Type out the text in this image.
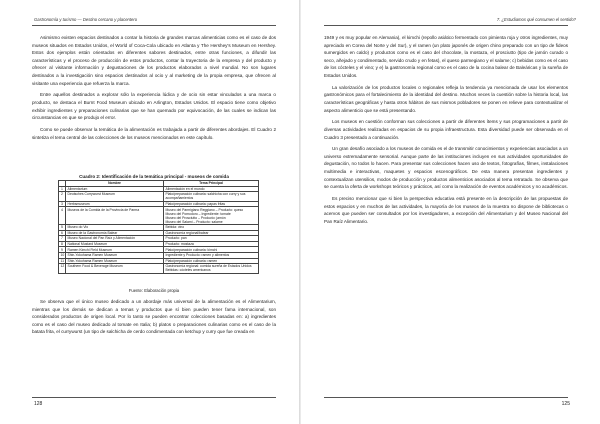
Gastronomía y turismo — Destino cercano y placentero

Asimismo existen espacios destinados a contar la historia de grandes marcas alimenticias como es el caso de dos museos situados en Estados Unidos, el World of Coca-Cola ubicado en Atlanta y The Hershey's Museum en Hershey. Estos dos ejemplos están orientados en diferentes sabores destinados, entre otras funciones, a difundir las características y el proceso de producción de estos productos, contar la trayectoria de la empresa y del producto y ofrecer al visitante información y degustaciones de los productos elaborados a nivel mundial. No son lugares destinados a la investigación sino espacios destinados al ocio y al marketing de la propia empresa, que ofrecen al visitante una experiencia que refuerza la marca.

Entre aquellos destinados a explorar sólo la experiencia lúdica y de ocio sin estar vinculados a una marca o producto, se destaca el Burnt Food Museum ubicado en Arlington, Estados Unidos. El espacio tiene como objetivo exhibir ingredientes y preparaciones culinarias que se han quemado por equivocación, de las cuales se indican las circunstancias en que se produjo el error.

Como se puede observar la temática de la alimentación es trabajada a partir de diferentes abordajes. El Cuadro 2 sintetiza el tema central de las colecciones de los museos mencionados en este capítulo.

Cuadro 2: Identificación de la temática principal - museos de comida
	Nombre	Tema Principal
1	Alimentarium	Alimentación en el mundo
2	Deutsches Currywurst Museum	Plato/preparación culinaria: salchicha con curry y sus acompañamientos
3	Herbsmuseum	Plato/preparación culinaria: papas fritas
4	Museos de la Comida de la Provincia de Parma	Museo del Parmigiano Reggiano – Producto: queso
Museo del Pomodoro – Ingrediente: tomate
Museo del Prosciutto – Producto: jamón
Museo del Salami – Producto: salame
5	Museo do Vio	Bebida: vino
6	Museo de la Gastronomía Balear	Gastronomía regional/balear
7	Museo Nacional del Pan Raíz y Alimentación	Producto: pan
8	National Mustard Museum	Producto: mostaza
9	Ramen Kimchi Field Museum	Plato/preparación culinaria: kimchi
10	Shin-Yokohama Ramen Museum	Ingrediente y Producto: ramen y alimentos
11	Shin-Yokohama Ramen Museum	Plato/preparación culinaria: ramen
12	Southern Food & Beverage Museum	Gastronomía regional: comida sureña de Estados Unidos
Bebidas: cócteles americanos
Fuente: Elaboración propia

Se observa que el único museo dedicado a un abordaje más universal de la alimentación es el Alimentarium, mientras que los demás se dedican a temas y productos que sí bien pueden tener fama internacional, son considerados productos de origen local. Por lo tanto se pueden encontrar colecciones basadas en: a) ingredientes como es el caso del museo dedicado al tomate en Italia; b) platos o preparaciones culinarias como es el caso de la batata frita, el currywurst (un tipo de salchicha de cerdo condimentada con ketchup y curry que fue creada en

128
7. ¿Estudiamos qué consumen el sentido?

1949 y es muy popular en Alemania), el kimchi (repollo asiático fermentado con pimienta roja y otros ingredientes, muy apreciado en Corea del Norte y del Sur), y el ramen (un plato japonés de origen chino preparado con un tipo de fideos sumergidos en caldo) y productos como es el caso del chocolate, la mostaza, el prosciutto (tipo de jamón curado o seco, añejado y condimentado, servido crudo y en fetas), el queso parmegiano y el salame; c) bebidas como es el caso de los cócteles y el vino; y e) la gastronomía regional como es el caso de la cocina balear de Baleáricas y la sureña de Estados Unidos.

La valorización de los productos locales o regionales refleja la tendencia ya mencionada de usar los elementos gastronómicos para el fortalecimiento de la identidad del destino. Muchos veces la cuestión sobre la historia local, las características geográficas y hasta otros hábitos de sus mismos pobladores se ponen en relieve para contextualizar el aspecto alimenticio que se está presentando.

Los museos en cuestión conforman sus colecciones a partir de diferentes ítems y sus programaciones a partir de diversas actividades realizadas en espacios de su propia infraestructura. Esta diversidad puede ser observada en el Cuadro 3 presentado a continuación.

Un gran desafío asociado a los museos de comida es el de transmitir conocimientos y experiencias asociados a un universo extremadamente sensorial. Aunque parte de las instituciones incluyen en sus actividades oportunidades de degustación, no todos lo hacen. Para presentar sus colecciones hacen uso de textos, fotografías, filmes, instalaciones multimedia e interactivas, maquetes y espacios escenográficos. De esta manera presentan ingredientes y contextualizan utensilios, modos de producción y productos alimenticios asociados al tema retratado. Se observa que se cuenta la oferta de workshops teóricos y prácticos, así como la realización de eventos académicos y no académicos.

Es preciso mencionar que si bien la perspectiva educativa está presente en la descripción de las propuestas de estos espacios y en muchos de las actividades, la mayoría de los museos de la muestra no dispone de bibliotecas o acervos que pueden ser consultados por los investigadores, a excepción del Alimentarium y del Museo Nacional del Pan Raíz Alimentario.

125
